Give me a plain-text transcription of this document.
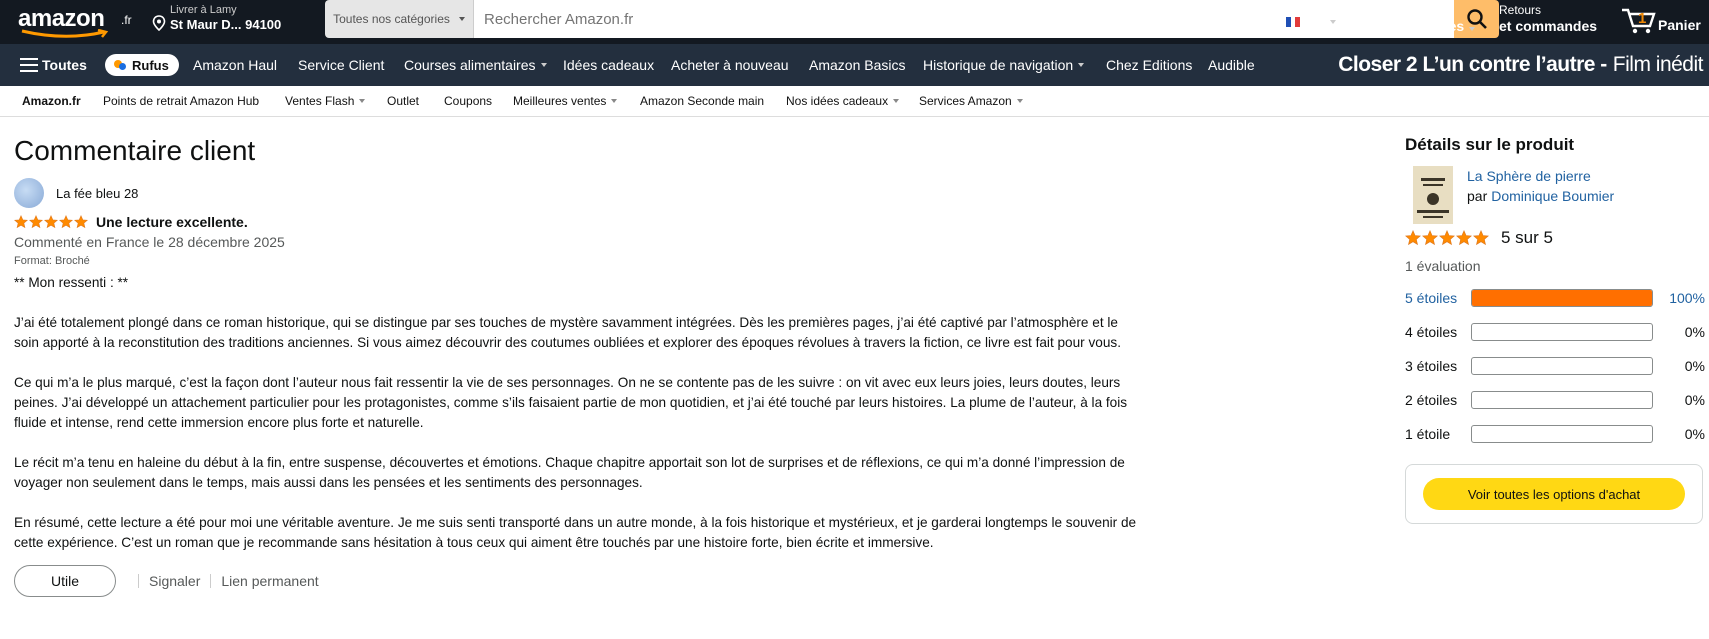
amazon .fr
Livrer à Lamy
St Maur D... 94100	Toutes nos catégories
Rechercher Amazon.fr	FR
Bonjour Editions
Compte et listes
Retours
et commandes	1 Panier
Toutes	Rufus Amazon Haul Service Client Courses alimentaires Idées cadeaux Acheter à nouveau Amazon Basics Historique de navigation Chez Editions Audible	Closer 2 L’un contre l’autre - Film inédit
Amazon.fr Points de retrait Amazon Hub Ventes Flash	Outlet Coupons Meilleures ventes	Amazon Seconde main Nos idées cadeaux	Services Amazon
Commentaire client
La fée bleu 28
Une lecture excellente.
Commenté en France le 28 décembre 2025
Format: Broché

** Mon ressenti : **

J’ai été totalement plongé dans ce roman historique, qui se distingue par ses touches de mystère savamment intégrées. Dès les premières pages, j’ai été captivé par l’atmosphère et le soin apporté à la reconstitution des traditions anciennes. Si vous aimez découvrir des coutumes oubliées et explorer des époques révolues à travers la fiction, ce livre est fait pour vous.

Ce qui m’a le plus marqué, c’est la façon dont l’auteur nous fait ressentir la vie de ses personnages. On ne se contente pas de les suivre : on vit avec eux leurs joies, leurs doutes, leurs peines. J’ai développé un attachement particulier pour les protagonistes, comme s’ils faisaient partie de mon quotidien, et j’ai été touché par leurs histoires. La plume de l’auteur, à la fois fluide et intense, rend cette immersion encore plus forte et naturelle.

Le récit m’a tenu en haleine du début à la fin, entre suspense, découvertes et émotions. Chaque chapitre apportait son lot de surprises et de réflexions, ce qui m’a donné l’impression de voyager non seulement dans le temps, mais aussi dans les pensées et les sentiments des personnages.

En résumé, cette lecture a été pour moi une véritable aventure. Je me suis senti transporté dans un autre monde, à la fois historique et mystérieux, et je garderai longtemps le souvenir de cette expérience. C’est un roman que je recommande sans hésitation à tous ceux qui aiment être touchés par une histoire forte, bien écrite et immersive.

Utile	Signaler Lien permanent
Détails sur le produit
La Sphère de pierre
par Dominique Boumier
5 sur 5
1 évaluation
5 étoiles	100%
4 étoiles	0%
3 étoiles	0%
2 étoiles	0%
1 étoile	0%
Voir toutes les options d'achat
